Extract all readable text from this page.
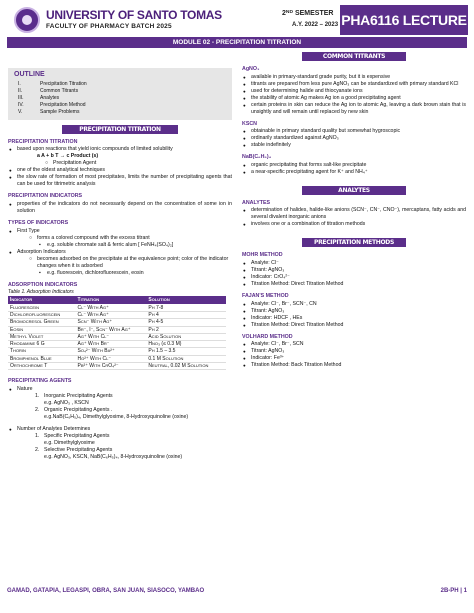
UNIVERSITY OF SANTO TOMAS
FACULTY OF PHARMACY BATCH 2025
2ND SEMESTER
A.Y. 2022 – 2023 PHA6116 LECTURE
MODULE 02 - PRECIPITATION TITRATION
OUTLINE
I.	Precipitation Titration
II.	Common Titrants
III.	Analytes
IV.	Precipitation Method
V.	Sample Problems
PRECIPITATION TITRATION
PRECIPITATION TITRATION
● based upon reactions that yield ionic compounds of limited solubility
a A + b T → c Product (s)
○ Precipitation Agent
● one of the oldest analytical techniques
● the slow rate of formation of most precipitates, limits the number of precipitating agents that can be used for titrimetric analysis
PRECIPITATION INDICATORS
● properties of the indicators do not necessarily depend on the concentration of some ion in solution
TYPES OF INDICATORS
● First Type
○ forms a colored compound with the excess titrant
▪ e.g. soluble chromate salt & ferric alum [ FeNH₄(SO₄)₂]
● Adsorption Indicators
○ becomes adsorbed on the precipitate at the equivalence point; color of the indicator changes when it is adsorbed
▪ e.g. fluorescein, dichlorofluorescein, eosin
ADSORPTION INDICATORS
Table 1. Adsorption Indicators
Indicator	Titration	Solution
Fluorescein	Cl⁻ With Ag⁺	Ph 7-8
Dichlorofluorescein	Cl⁻ With Ag⁺	Ph 4
Bromocresol Green	Scn⁻ With Ag⁺	Ph 4-5
Eosin	Br⁻, I⁻, Scn⁻ With Ag⁺	Ph 2
Methyl Violet	Ag⁺ With Cl⁻	Acid Solution
Rhodamine 6 G	Ag⁺ With Br⁻	Hno₃ (≤ 0.3 M)
Thorin	So₄²⁻ With Ba²⁺	Ph 1.5 – 3.5
Bromphenol Blue	Hg²⁺ With Cl⁻	0.1 M Solution
Orthochrome T	Pb²⁺ With CrO₄²⁻	Neutral, 0.02 M Solution
PRECIPITATING AGENTS
● Nature
1. Inorganic Precipitating Agents
e.g. AgNO₃ , KSCN
2. Organic Precipitating Agents .
e.g.NaB(C₆H₅)₄, Dimethylglyoxime, 8-Hydroxyquinoline (oxine)
● Number of Analytes Determines
1. Specific Precipitating Agents
e.g. Dimethylglyoxime
2. Selective Precipitating Agents
e.g. AgNO₃, KSCN, NaB(C₆H₅)₄, 8-Hydroxyquinoline (oxine)
COMMON TITRANTS
AgNO₃
● available in primary-standard grade purity, but it is expensive
● titrants are prepared from less pure AgNO₃ can be standardized with primary standard KCl
● used for determining halide and thiocyanate ions
● the stability of atomic Ag makes Ag ion a good precipitating agent
● certain proteins in skin can reduce the Ag ion to atomic Ag, leaving a dark brown stain that is unsightly and will remain until replaced by new skin
KSCN
● obtainable in primary standard quality but somewhat hygroscopic
● ordinarily standardized against AgNO₃
● stable indefinitely
NaB(C₆H₅)₄
● organic precipitating that forms salt-like precipitate
● a near-specific precipitating agent for K⁺ and NH₄⁺
ANALYTES
ANALYTES
● determination of halides, halide-like anions (SCN⁻, CN⁻, CNO⁻), mercaptans, fatty acids and several divalent inorganic anions
● involves one or a combination of titration methods
PRECIPITATION METHODS
MOHR METHOD
● Analyte: Cl⁻
● Titrant: AgNO₃
● Indicator: CrO₄²⁻
● Titration Method: Direct Titration Method
FAJAN'S METHOD
● Analyte: Cl⁻, Br⁻, SCN⁻, CN
● Titrant: AgNO₃
● Indicator: HDCF , HEs
● Titration Method: Direct Titration Method
VOLHARD METHOD
● Analyte: Cl⁻, Br⁻, SCN
● Titrant: AgNO₃
● Indicator: Fe³⁺
● Titration Method: Back Titration Method
GAMAD, GATAPIA, LEGASPI, OBRA, SAN JUAN, SIASOCO, YAMBAO	2B-PH | 1
